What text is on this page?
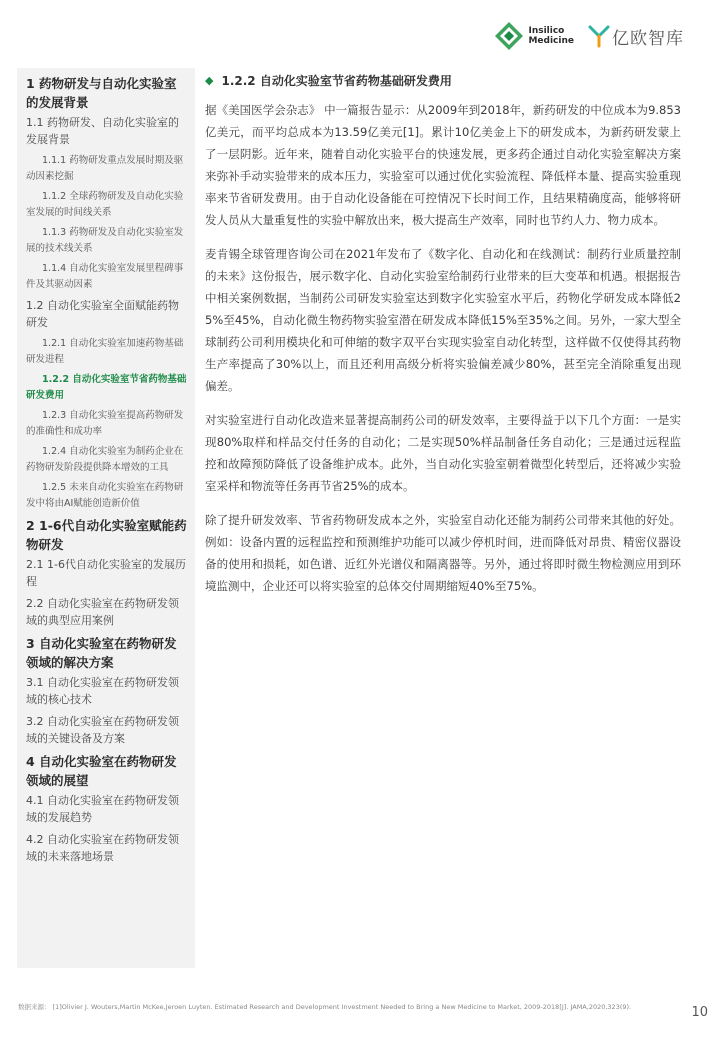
Insilico
Medicine 亿欧智库
1 药物研发与自动化实验室的发展背景
1.1 药物研发、自动化实验室的发展背景
1.1.1 药物研发重点发展时期及驱动因素挖掘
1.1.2 全球药物研发及自动化实验室发展的时间线关系
1.1.3 药物研发及自动化实验室发展的技术线关系
1.1.4 自动化实验室发展里程碑事件及其驱动因素
1.2 自动化实验室全面赋能药物研发
1.2.1 自动化实验室加速药物基础研发进程
1.2.2 自动化实验室节省药物基础研发费用
1.2.3 自动化实验室提高药物研发的准确性和成功率
1.2.4 自动化实验室为制药企业在药物研发阶段提供降本增效的工具
1.2.5 未来自动化实验室在药物研发中将由AI赋能创造新价值
2 1-6代自动化实验室赋能药物研发
2.1 1-6代自动化实验室的发展历程
2.2 自动化实验室在药物研发领域的典型应用案例
3 自动化实验室在药物研发领域的解决方案
3.1 自动化实验室在药物研发领域的核心技术
3.2 自动化实验室在药物研发领域的关键设备及方案
4 自动化实验室在药物研发领域的展望
4.1 自动化实验室在药物研发领域的发展趋势
4.2 自动化实验室在药物研发领域的未来落地场景
◆ 1.2.2 自动化实验室节省药物基础研发费用

据《美国医学会杂志》 中一篇报告显示：从2009年到2018年，新药研发的中位成本为9.853亿美元，而平均总成本为13.59亿美元[1]。累计10亿美金上下的研发成本，为新药研发蒙上了一层阴影。近年来，随着自动化实验平台的快速发展，更多药企通过自动化实验室解决方案来弥补手动实验带来的成本压力，实验室可以通过优化实验流程、降低样本量、提高实验重现率来节省研发费用。由于自动化设备能在可控情况下长时间工作，且结果精确度高，能够将研发人员从大量重复性的实验中解放出来，极大提高生产效率，同时也节约人力、物力成本。

麦肯锡全球管理咨询公司在2021年发布了《数字化、自动化和在线测试：制药行业质量控制的未来》这份报告，展示数字化、自动化实验室给制药行业带来的巨大变革和机遇。根据报告中相关案例数据，当制药公司研发实验室达到数字化实验室水平后，药物化学研发成本降低25%至45%，自动化微生物药物实验室潜在研发成本降低15%至35%之间。另外，一家大型全球制药公司利用模块化和可伸缩的数字双平台实现实验室自动化转型，这样做不仅使得其药物生产率提高了30%以上，而且还利用高级分析将实验偏差减少80%，甚至完全消除重复出现偏差。

对实验室进行自动化改造来显著提高制药公司的研发效率，主要得益于以下几个方面：一是实现80%取样和样品交付任务的自动化；二是实现50%样品制备任务自动化；三是通过远程监控和故障预防降低了设备维护成本。此外，当自动化实验室朝着微型化转型后，还将减少实验室采样和物流等任务再节省25%的成本。

除了提升研发效率、节省药物研发成本之外，实验室自动化还能为制药公司带来其他的好处。例如：设备内置的远程监控和预测维护功能可以减少停机时间，进而降低对昂贵、精密仪器设备的使用和损耗，如色谱、近红外光谱仪和隔离器等。另外，通过将即时微生物检测应用到环境监测中，企业还可以将实验室的总体交付周期缩短40%至75%。

数据来源： [1]Olivier J. Wouters,Martin McKee,Jeroen Luyten. Estimated Research and Development Investment Needed to Bring a New Medicine to Market, 2009-2018[J]. JAMA,2020,323(9).	10
